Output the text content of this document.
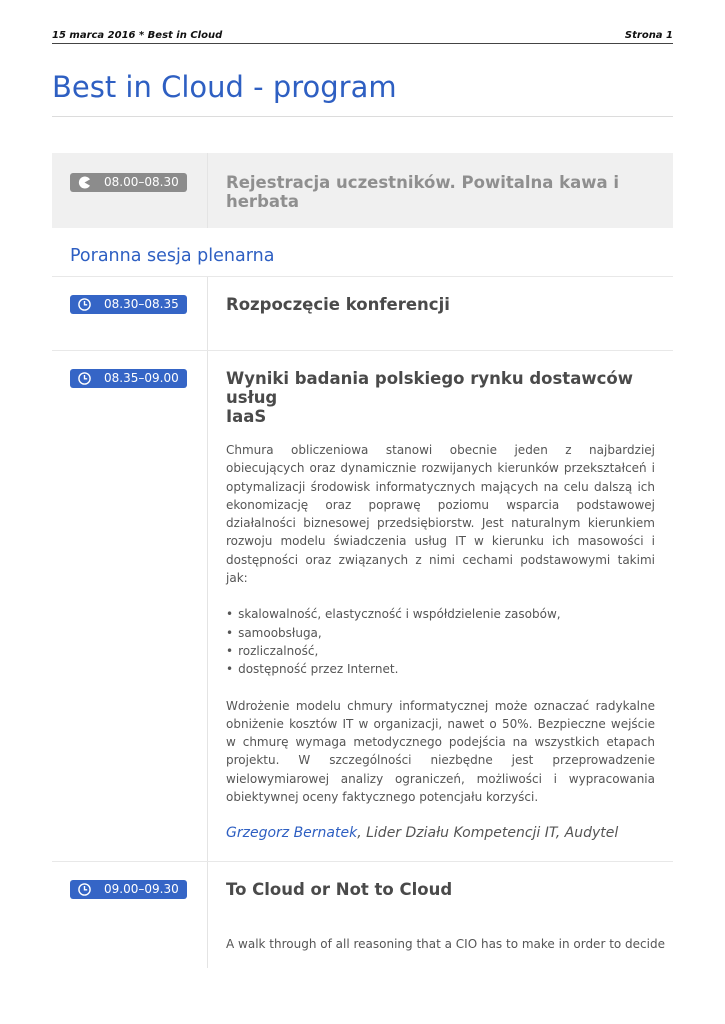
15 marca 2016 * Best in Cloud	Strona 1
Best in Cloud - program
08.00–08.30	Rejestracja uczestników. Powitalna kawa i herbata
Poranna sesja plenarna
08.30–08.35	Rozpoczęcie konferencji
08.35–09.00	Wyniki badania polskiego rynku dostawców usług
IaaS

Chmura obliczeniowa stanowi obecnie jeden z najbardziej obiecujących oraz dynamicznie rozwijanych kierunków przekształceń i optymalizacji środowisk informatycznych mających na celu dalszą ich ekonomizację oraz poprawę poziomu wsparcia podstawowej działalności biznesowej przedsiębiorstw. Jest naturalnym kierunkiem rozwoju modelu świadczenia usług IT w kierunku ich masowości i dostępności oraz związanych z nimi cechami podstawowymi takimi jak:

• skalowalność, elastyczność i współdzielenie zasobów,
• samoobsługa,
• rozliczalność,
• dostępność przez Internet.

Wdrożenie modelu chmury informatycznej może oznaczać radykalne obniżenie kosztów IT w organizacji, nawet o 50%. Bezpieczne wejście w chmurę wymaga metodycznego podejścia na wszystkich etapach projektu. W szczególności niezbędne jest przeprowadzenie wielowymiarowej analizy ograniczeń, możliwości i wypracowania obiektywnej oceny faktycznego potencjału korzyści.

Grzegorz Bernatek, Lider Działu Kompetencji IT, Audytel
09.00–09.30	To Cloud or Not to Cloud

A walk through of all reasoning that a CIO has to make in order to decide
